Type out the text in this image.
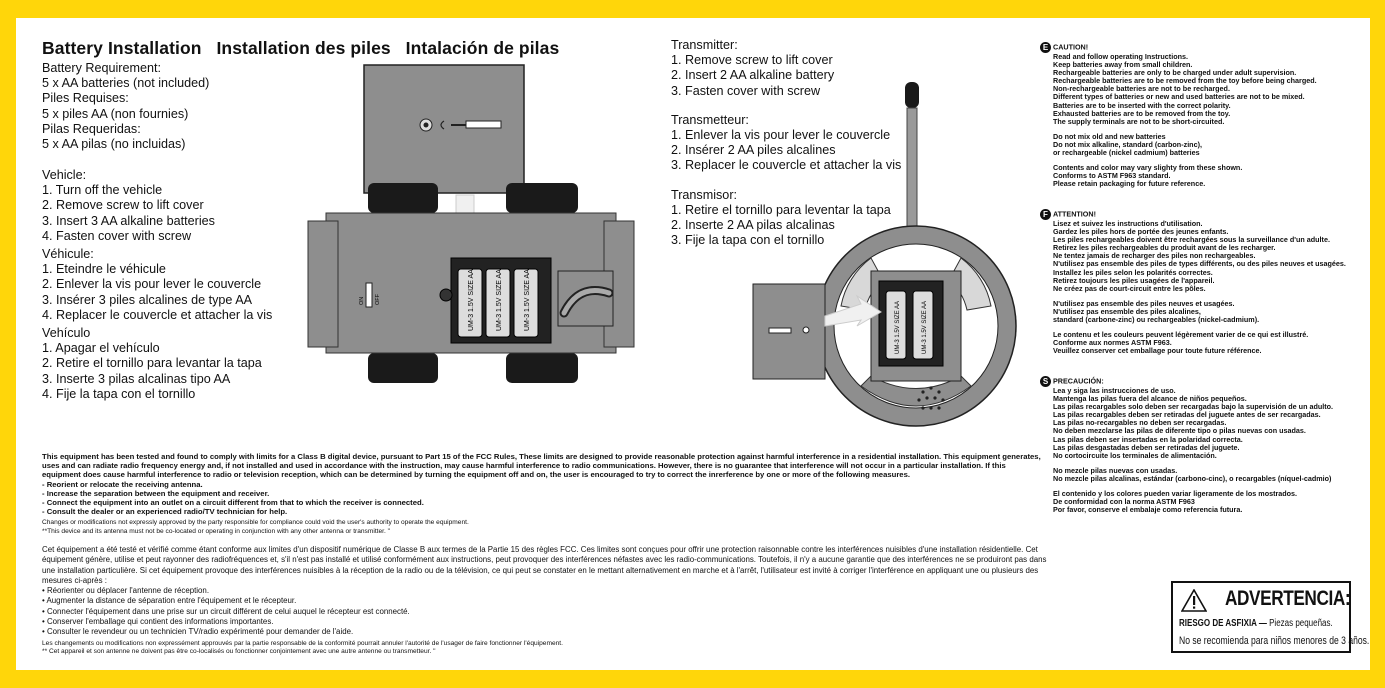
Battery Installation Installation des piles Intalación de pilas
Battery Requirement:
5 x AA batteries (not included)
Piles Requises:
5 x piles AA (non fournies)
Pilas Requeridas:
5 x AA pilas (no incluidas)
Vehicle:
1. Turn off the vehicle
2. Remove screw to lift cover
3. Insert 3 AA alkaline batteries
4. Fasten cover with screw
Véhicule:
1. Eteindre le véhicule
2. Enlever la vis pour lever le couvercle
3. Insérer 3 piles alcalines de type AA
4. Replacer le couvercle et attacher la vis
Vehículo
1. Apagar el vehículo
2. Retire el tornillo para levantar la tapa
3. Inserte 3 pilas alcalinas tipo AA
4. Fije la tapa con el tornillo
UM-3 1.5V SIZE AA	UM-3 1.5V SIZE AA	UM-3 1.5V SIZE AA
ON OFF
Transmitter:
1. Remove screw to lift cover
2. Insert 2 AA alkaline battery
3. Fasten cover with screw
Transmetteur:
1. Enlever la vis pour lever le couvercle
2. Insérer 2 AA piles alcalines
3. Replacer le couvercle et attacher la vis
Transmisor:
1. Retire el tornillo para leventar la tapa
2. Inserte 2 AA pilas alcalinas
3. Fije la tapa con el tornillo
UM-3 1.5V SIZE AA	UM-3 1.5V SIZE AA
E CAUTION!
Read and follow operating Instructions.
Keep batteries away from small children.
Rechargeable batteries are only to be charged under adult supervision.
Rechargeable batteries are to be removed from the toy before being charged.
Non-rechargeable batteries are not to be recharged.
Different types of batteries or new and used batteries are not to be mixed.
Batteries are to be inserted with the correct polarity.
Exhausted batteries are to be removed from the toy.
The supply terminals are not to be short-circuited.
Do not mix old and new batteries
Do not mix alkaline, standard (carbon-zinc),
or rechargeable (nickel cadmium) batteries
Contents and color may vary slighty from these shown.
Conforms to ASTM F963 standard.
Please retain packaging for future reference.
F ATTENTION!
Lisez et suivez les instructions d'utilisation.
Gardez les piles hors de portée des jeunes enfants.
Les piles rechargeables doivent être rechargées sous la surveillance d'un adulte.
Retirez les piles rechargeables du produit avant de les recharger.
Ne tentez jamais de recharger des piles non rechargeables.
N'utilisez pas ensemble des piles de types différents, ou des piles neuves et usagées.
Installez les piles selon les polarités correctes.
Retirez toujours les piles usagées de l'appareil.
Ne créez pas de court-circuit entre les pôles.
N'utilisez pas ensemble des piles neuves et usagées.
N'utilisez pas ensemble des piles alcalines,
standard (carbone-zinc) ou rechargeables (nickel-cadmium).
Le contenu et les couleurs peuvent légèrement varier de ce qui est illustré.
Conforme aux normes ASTM F963.
Veuillez conserver cet emballage pour toute future référence.
S PRECAUCIÓN:
Lea y siga las instrucciones de uso.
Mantenga las pilas fuera del alcance de niños pequeños.
Las pilas recargables solo deben ser recargadas bajo la supervisión de un adulto.
Las pilas recargables deben ser retiradas del juguete antes de ser recargadas.
Las pilas no-recargables no deben ser recargadas.
No deben mezclarse las pilas de diferente tipo o pilas nuevas con usadas.
Las pilas deben ser insertadas en la polaridad correcta.
Las pilas desgastadas deben ser retiradas del juguete.
No cortocircuite los terminales de alimentación.
No mezcle pilas nuevas con usadas.
No mezcle pilas alcalinas, estándar (carbono-cinc), o recargables (níquel-cadmio)
El contenido y los colores pueden variar ligeramente de los mostrados.
De conformidad con la norma ASTM F963
Por favor, conserve el embalaje como referencia futura.
This equipment has been tested and found to comply with limits for a Class B digital device, pursuant to Part 15 of the FCC Rules, These limits are designed to provide reasonable protection against harmful interference in a residential installation. This equipment generates, uses and can radiate radio frequency energy and, if not installed and used in accordance with the instruction, may cause harmful interference to radio communications. However, there is no guarantee that interference will not occur in a particular installation. If this equipment does cause harmful interference to radio or television reception, which can be determined by turning the equipment off and on, the user is encouraged to try to correct the inrerference by one or more of the following measures.
- Reorient or relocate the receiving antenna.
- Increase the separation between the equipment and receiver.
- Connect the equipment into an outlet on a circuit different from that to which the receiver is connected.
- Consult the dealer or an experienced radio/TV technician for help.
Changes or modifications not expressly approved by the party responsible for compliance could void the user's authority to operate the equipment.
**This device and its antenna must not be co-located or operating in conjunction with any other antenna or transmitter. "
Cet équipement a été testé et vérifié comme étant conforme aux limites d'un dispositif numérique de Classe B aux termes de la Partie 15 des règles FCC. Ces limites sont conçues pour offrir une protection raisonnable contre les interférences nuisibles d'une installation résidentielle. Cet équipement génère, utilise et peut rayonner des radiofréquences et, s'il n'est pas installé et utilisé conformément aux instructions, peut provoquer des interférences néfastes avec les radio-communications. Toutefois, il n'y a aucune garantie que des interférences ne se produiront pas dans une installation particulière. Si cet équipement provoque des interférences nuisibles à la réception de la radio ou de la télévision, ce qui peut se constater en le mettant alternativement en marche et à l'arrêt, l'utilisateur est invité à corriger l'interférence en appliquant une ou plusieurs des mesures ci-après :
• Réorienter ou déplacer l'antenne de réception.
• Augmenter la distance de séparation entre l'équipement et le récepteur.
• Connecter l'équipement dans une prise sur un circuit différent de celui auquel le récepteur est connecté.
• Conserver l'emballage qui contient des informations importantes.
• Consulter le revendeur ou un technicien TV/radio expérimenté pour demander de l'aide.
Les changements ou modifications non expressément approuvés par la partie responsable de la conformité pourrait annuler l'autorité de l'usager de faire fonctionner l'équipement.
** Cet appareil et son antenne ne doivent pas être co-localisés ou fonctionner conjointement avec une autre antenne ou transmetteur. "
ADVERTENCIA:
RIESGO DE ASFIXIA — Piezas pequeñas.
No se recomienda para niños menores de 3 años.
